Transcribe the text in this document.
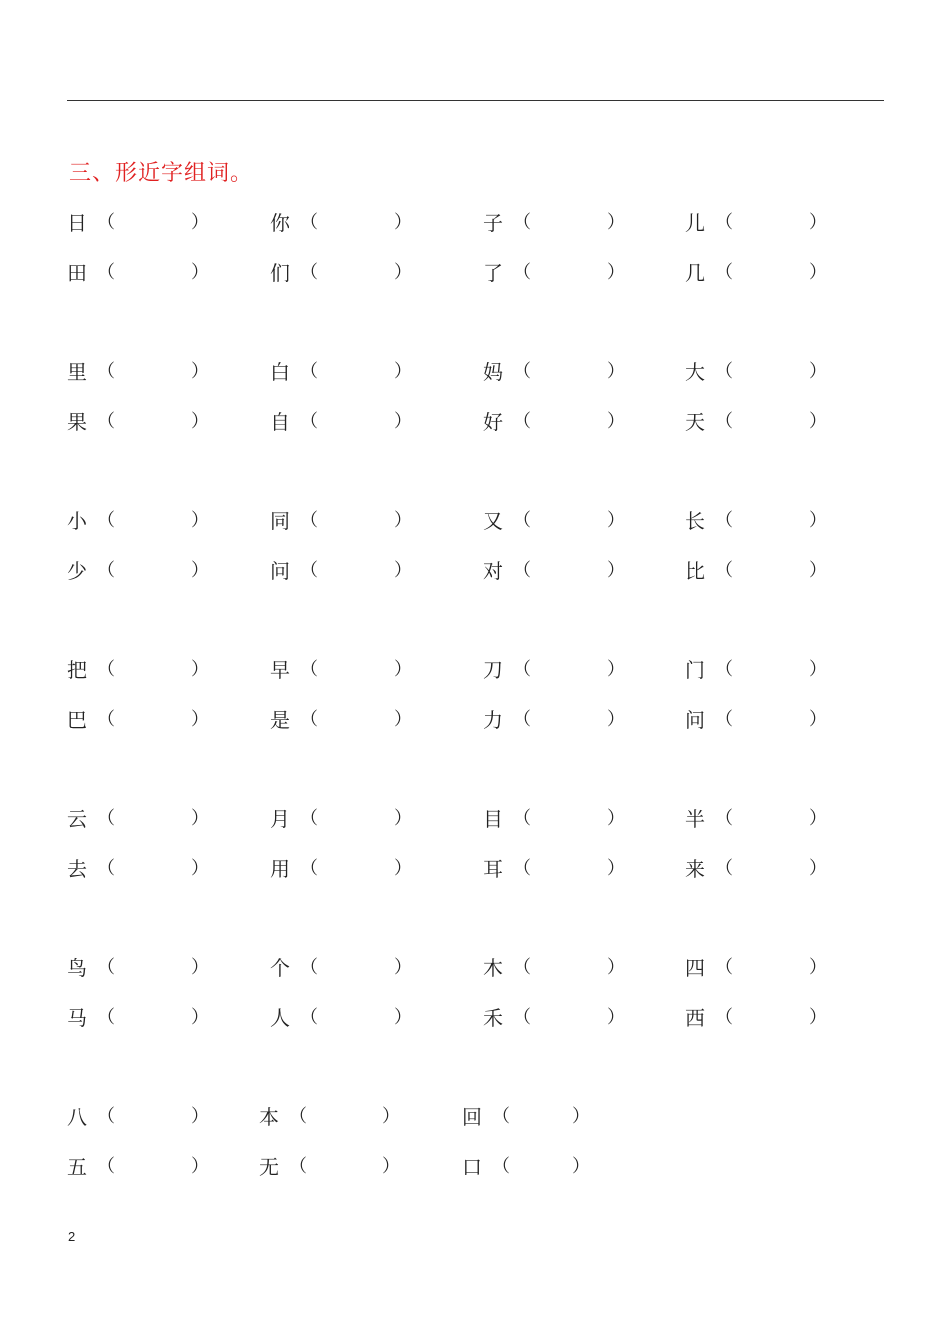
三、形近字组词。
日 （	）	你 （	）	子 （	）	儿 （	）
田 （	）	们 （	）	了 （	）	几 （	）
里 （	）	白 （	）	妈 （	）	大 （	）
果 （	）	自 （	）	好 （	）	天 （	）
小 （	）	同 （	）	又 （	）	长 （	）
少 （	）	问 （	）	对 （	）	比 （	）
把 （	）	早 （	）	刀 （	）	门 （	）
巴 （	）	是 （	）	力 （	）	问 （	）
云 （	）	月 （	）	目 （	）	半 （	）
去 （	）	用 （	）	耳 （	）	来 （	）
鸟 （	）	个 （	）	木 （	）	四 （	）
马 （	）	人 （	）	禾 （	）	西 （	）
八 （	）	本 （	）	回 （	）
五 （	）	无 （	）	口 （	）
2
